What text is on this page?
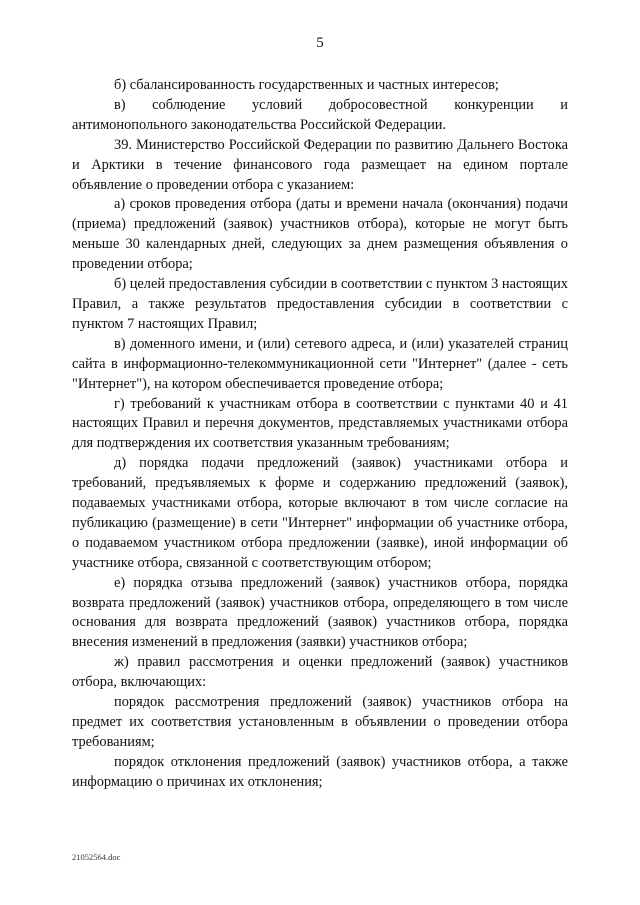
5

б) сбалансированность государственных и частных интересов;

в) соблюдение условий добросовестной конкуренции и антимонопольного законодательства Российской Федерации.

39. Министерство Российской Федерации по развитию Дальнего Востока и Арктики в течение финансового года размещает на едином портале объявление о проведении отбора с указанием:

а) сроков проведения отбора (даты и времени начала (окончания) подачи (приема) предложений (заявок) участников отбора), которые не могут быть меньше 30 календарных дней, следующих за днем размещения объявления о проведении отбора;

б) целей предоставления субсидии в соответствии с пунктом 3 настоящих Правил, а также результатов предоставления субсидии в соответствии с пунктом 7 настоящих Правил;

в) доменного имени, и (или) сетевого адреса, и (или) указателей страниц сайта в информационно-телекоммуникационной сети "Интернет" (далее - сеть "Интернет"), на котором обеспечивается проведение отбора;

г) требований к участникам отбора в соответствии с пунктами 40 и 41 настоящих Правил и перечня документов, представляемых участниками отбора для подтверждения их соответствия указанным требованиям;

д) порядка подачи предложений (заявок) участниками отбора и требований, предъявляемых к форме и содержанию предложений (заявок), подаваемых участниками отбора, которые включают в том числе согласие на публикацию (размещение) в сети "Интернет" информации об участнике отбора, о подаваемом участником отбора предложении (заявке), иной информации об участнике отбора, связанной с соответствующим отбором;

е) порядка отзыва предложений (заявок) участников отбора, порядка возврата предложений (заявок) участников отбора, определяющего в том числе основания для возврата предложений (заявок) участников отбора, порядка внесения изменений в предложения (заявки) участников отбора;

ж) правил рассмотрения и оценки предложений (заявок) участников отбора, включающих:

порядок рассмотрения предложений (заявок) участников отбора на предмет их соответствия установленным в объявлении о проведении отбора требованиям;

порядок отклонения предложений (заявок) участников отбора, а также информацию о причинах их отклонения;

21052564.doc
